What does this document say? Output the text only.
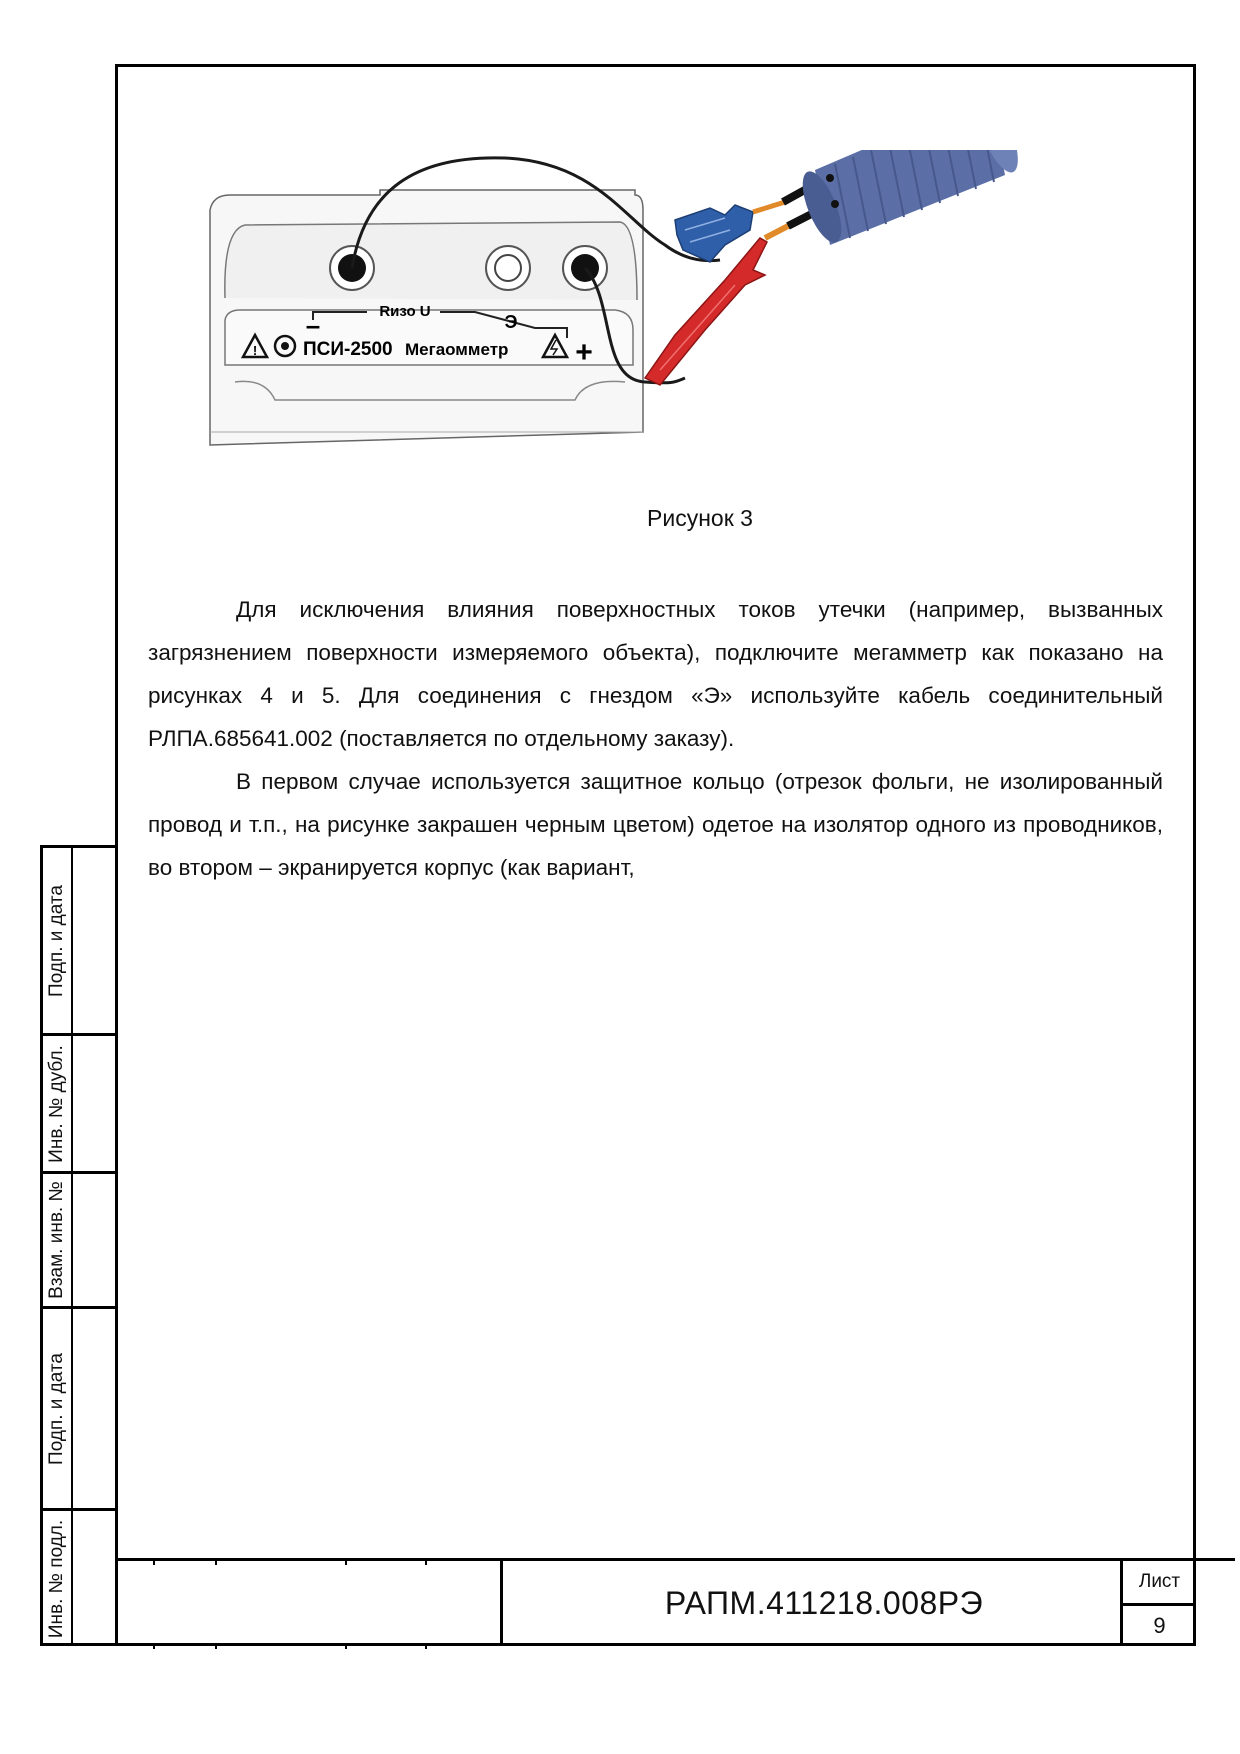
Подп. и дата
Инв. № дубл.
Взам. инв. №
Подп. и дата
Инв. № подл.
–	Rизо U
Э
+
! ПСИ-2500 Мегаомметр
Рисунок 3

Для исключения влияния поверхностных токов утечки (например, вызванных загрязнением поверхности измеряемого объекта), подключите мегамметр как показано на рисунках 4 и 5. Для соединения с гнездом «Э» используйте кабель соединительный РЛПА.685641.002 (поставляется по отдельному заказу).

В первом случае используется защитное кольцо (отрезок фольги, не изолированный провод и т.п., на рисунке закрашен черным цветом) одетое на изолятор одного из проводников, во втором – экранируется корпус (как вариант,

РАПМ.411218.008РЭ
Лист
9
